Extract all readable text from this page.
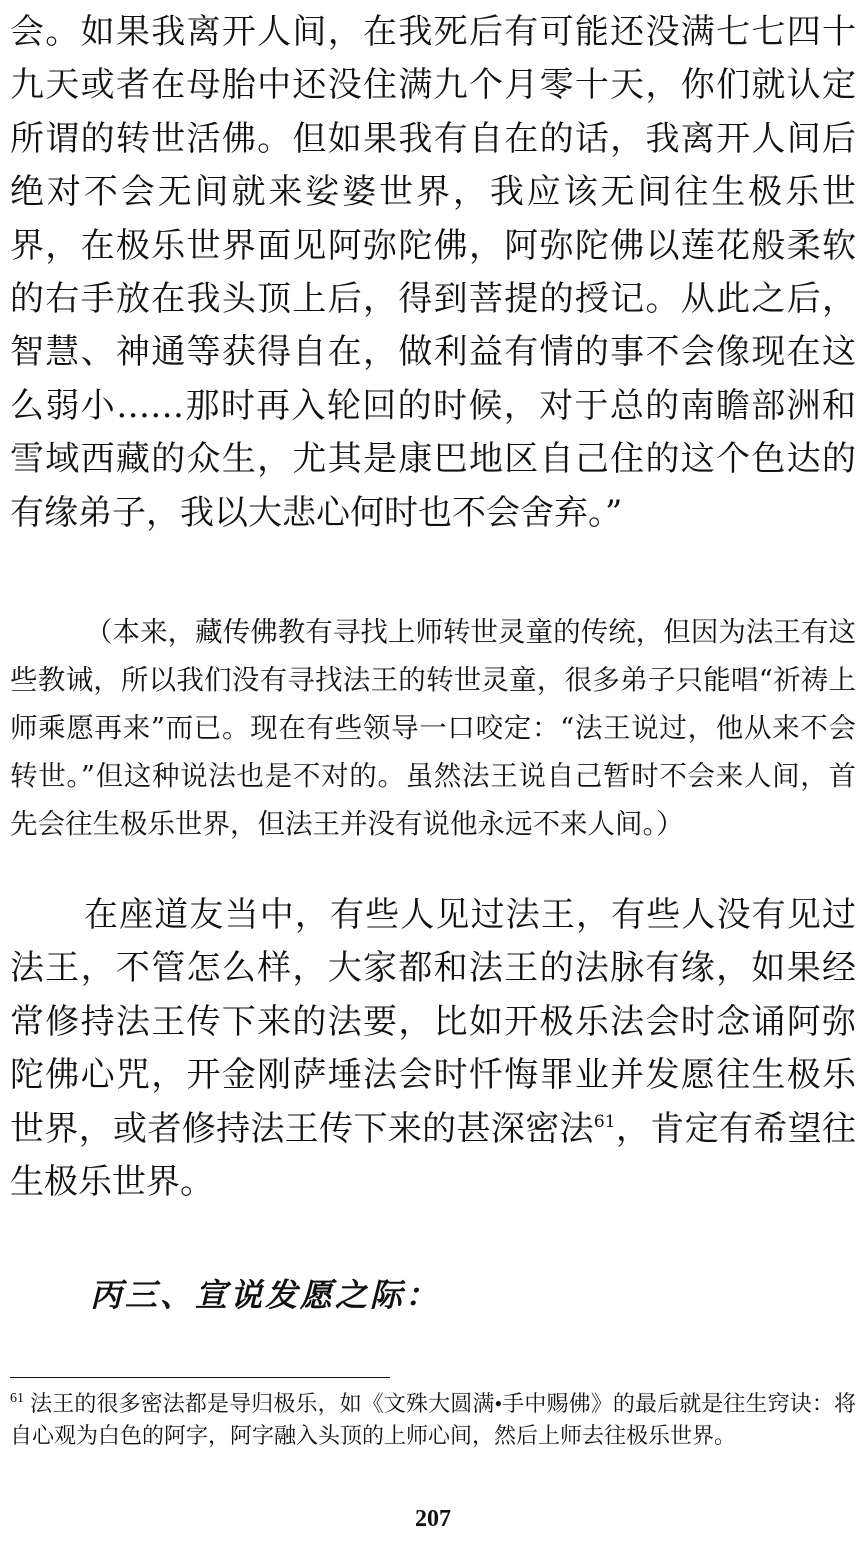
会。如果我离开人间，在我死后有可能还没满七七四十九天或者在母胎中还没住满九个月零十天，你们就认定所谓的转世活佛。但如果我有自在的话，我离开人间后绝对不会无间就来娑婆世界，我应该无间往生极乐世界，在极乐世界面见阿弥陀佛，阿弥陀佛以莲花般柔软的右手放在我头顶上后，得到菩提的授记。从此之后，智慧、神通等获得自在，做利益有情的事不会像现在这么弱小……那时再入轮回的时候，对于总的南瞻部洲和雪域西藏的众生，尤其是康巴地区自己住的这个色达的有缘弟子，我以大悲心何时也不会舍弃。”

（本来，藏传佛教有寻找上师转世灵童的传统，但因为法王有这些教诫，所以我们没有寻找法王的转世灵童，很多弟子只能唱“祈祷上师乘愿再来”而已。现在有些领导一口咬定：“法王说过，他从来不会转世。”但这种说法也是不对的。虽然法王说自己暂时不会来人间，首先会往生极乐世界，但法王并没有说他永远不来人间。）

在座道友当中，有些人见过法王，有些人没有见过法王，不管怎么样，大家都和法王的法脉有缘，如果经常修持法王传下来的法要，比如开极乐法会时念诵阿弥陀佛心咒，开金刚萨埵法会时忏悔罪业并发愿往生极乐世界，或者修持法王传下来的甚深密法$^{61}$，肯定有希望往生极乐世界。

丙三、宣说发愿之际：

$^{61}$ 法王的很多密法都是导归极乐，如《文殊大圆满•手中赐佛》的最后就是往生窍诀：将自心观为白色的阿字，阿字融入头顶的上师心间，然后上师去往极乐世界。

207
